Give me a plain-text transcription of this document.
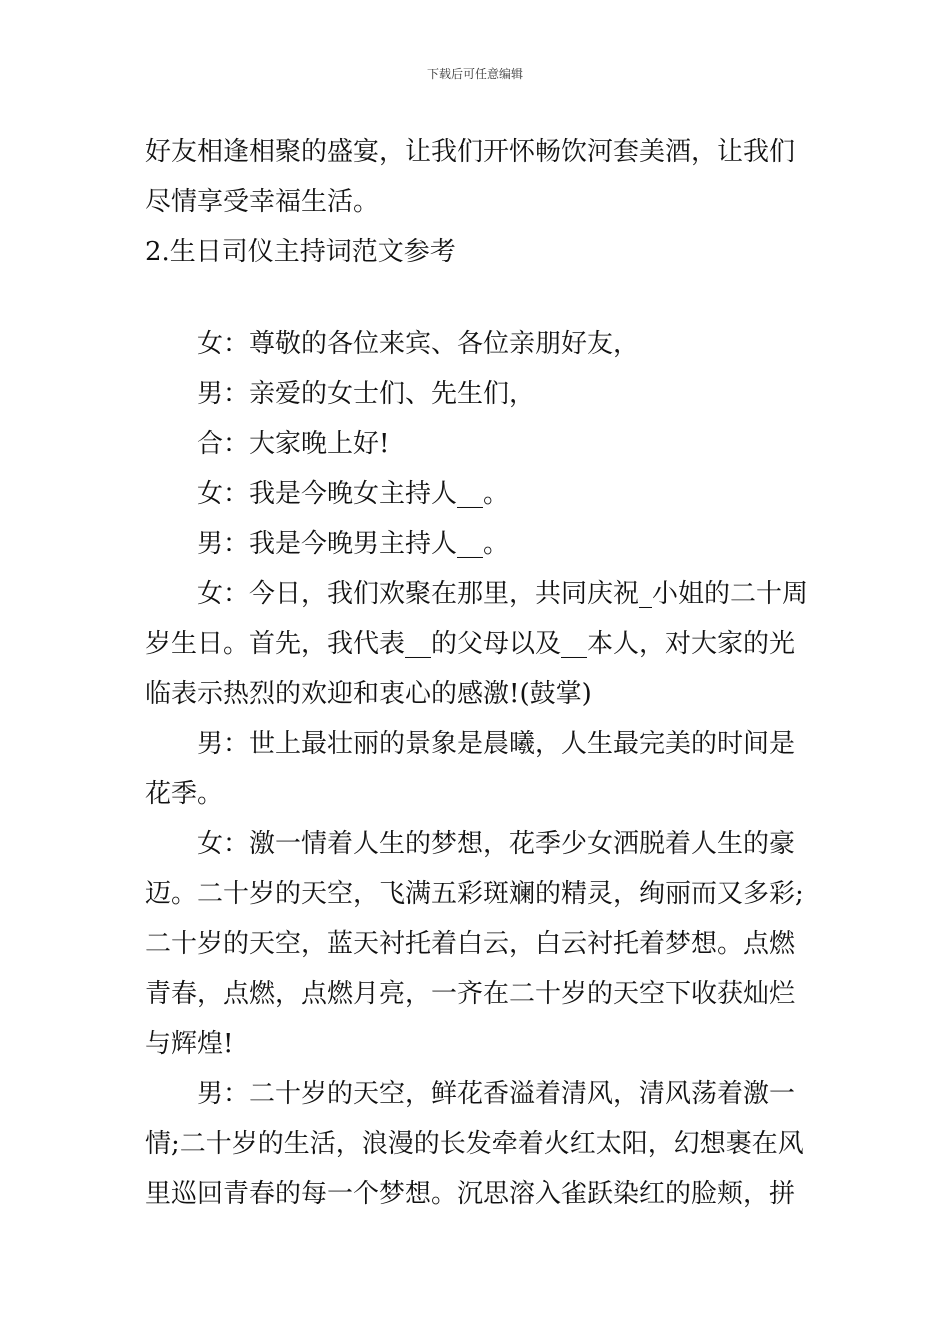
下载后可任意编辑
好友相逢相聚的盛宴，让我们开怀畅饮河套美酒，让我们
尽情享受幸福生活。
2.生日司仪主持词范文参考
女：尊敬的各位来宾、各位亲朋好友，
男：亲爱的女士们、先生们，
合：大家晚上好!
女：我是今晚女主持人__。
男：我是今晚男主持人__。
女：今日，我们欢聚在那里，共同庆祝_小姐的二十周
岁生日。首先，我代表__的父母以及__本人，对大家的光
临表示热烈的欢迎和衷心的感激!(鼓掌)
男：世上最壮丽的景象是晨曦，人生最完美的时间是
花季。
女：激一情着人生的梦想，花季少女洒脱着人生的豪
迈。二十岁的天空，飞满五彩斑斓的精灵，绚丽而又多彩;
二十岁的天空，蓝天衬托着白云，白云衬托着梦想。点燃
青春，点燃，点燃月亮，一齐在二十岁的天空下收获灿烂
与辉煌!
男：二十岁的天空，鲜花香溢着清风，清风荡着激一
情;二十岁的生活，浪漫的长发牵着火红太阳，幻想裹在风
里巡回青春的每一个梦想。沉思溶入雀跃染红的脸颊，拼
